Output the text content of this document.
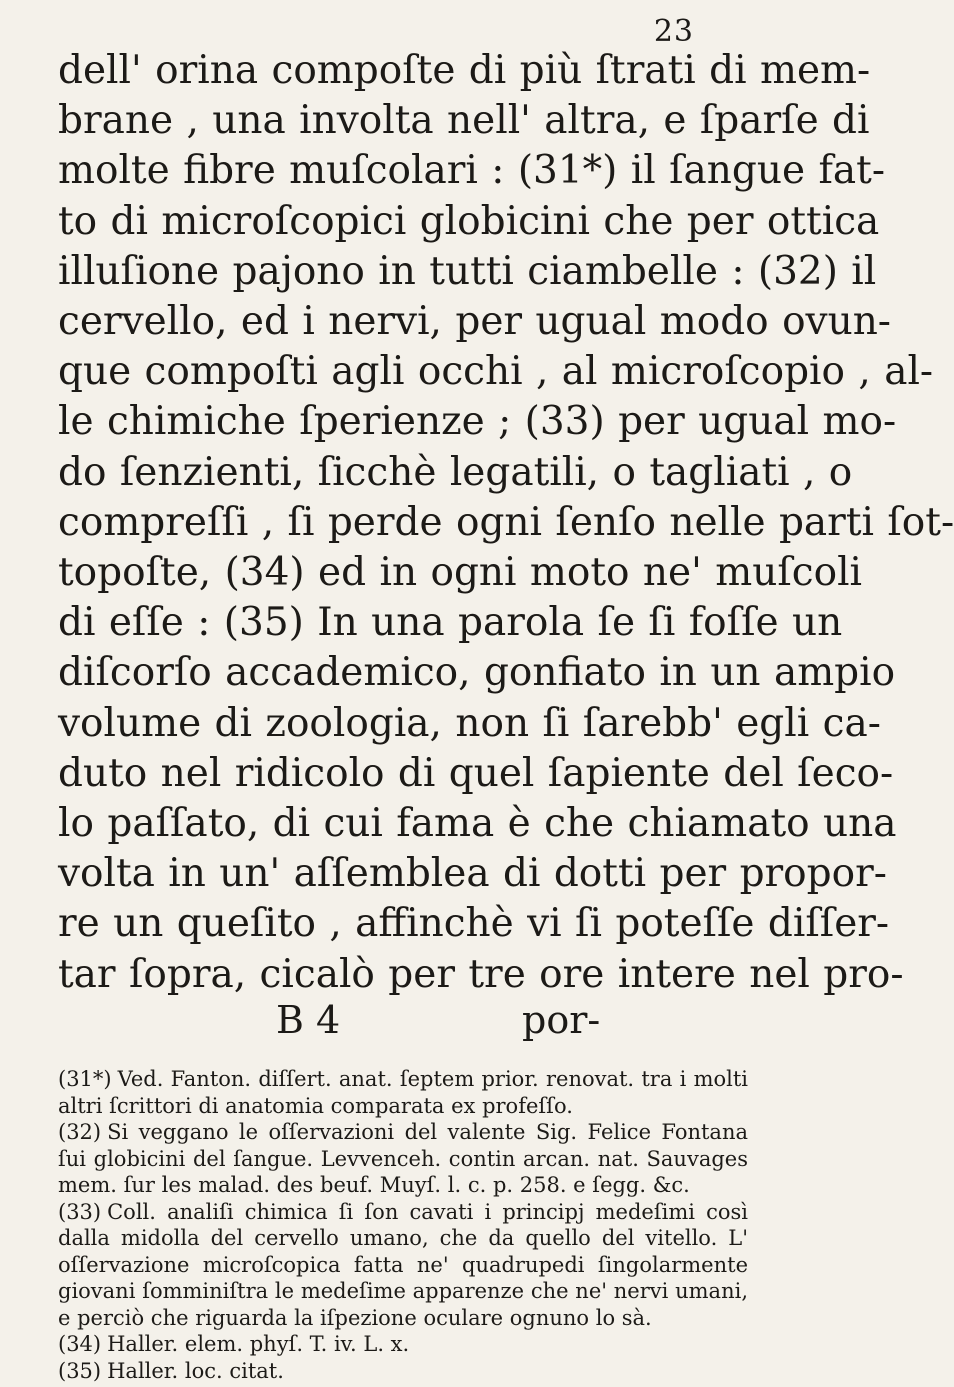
23

dell' orina compoſte di più ſtrati di mem-
brane , una involta nell' altra, e ſparſe di
molte fibre muſcolari : (31*) il ſangue fat-
to di microſcopici globicini che per ottica
illuſione pajono in tutti ciambelle : (32) il
cervello, ed i nervi, per ugual modo ovun-
que compoſti agli occhi , al microſcopio , al-
le chimiche ſperienze ; (33) per ugual mo-
do ſenzienti, ſicchè legatili, o tagliati , o
compreſſi , ſi perde ogni ſenſo nelle parti ſot-
topoſte, (34) ed in ogni moto ne' muſcoli
di eſſe : (35) In una parola ſe ſi foſſe un
diſcorſo accademico, gonfiato in un ampio
volume di zoologia, non ſi ſarebb' egli ca-
duto nel ridicolo di quel ſapiente del ſeco-
lo paſſato, di cui fama è che chiamato una
volta in un' aſſemblea di dotti per propor-
re un queſito , affinchè vi ſi poteſſe diſſer-
tar ſopra, cicalò per tre ore intere nel pro-

B 4	por-

(31*) Ved. Fanton. diſſert. anat. ſeptem prior. renovat. tra i molti altri ſcrittori di anatomia comparata ex profeſſo.

(32) Si veggano le oſſervazioni del valente Sig. Felice Fontana ſui globicini del ſangue. Levvenceh. contin arcan. nat. Sauvages mem. ſur les malad. des beuf. Muyſ. l. c. p. 258. e ſegg. &c.

(33) Coll. analiſi chimica ſi ſon cavati i principj medeſimi così dalla midolla del cervello umano, che da quello del vitello. L' oſſervazione microſcopica fatta ne' quadrupedi ſingolarmente giovani ſomminiſtra le medeſime apparenze che ne' nervi umani, e perciò che riguarda la iſpezione oculare ognuno lo sà.

(34) Haller. elem. phyſ. T. iv. L. x.

(35) Haller. loc. citat.
